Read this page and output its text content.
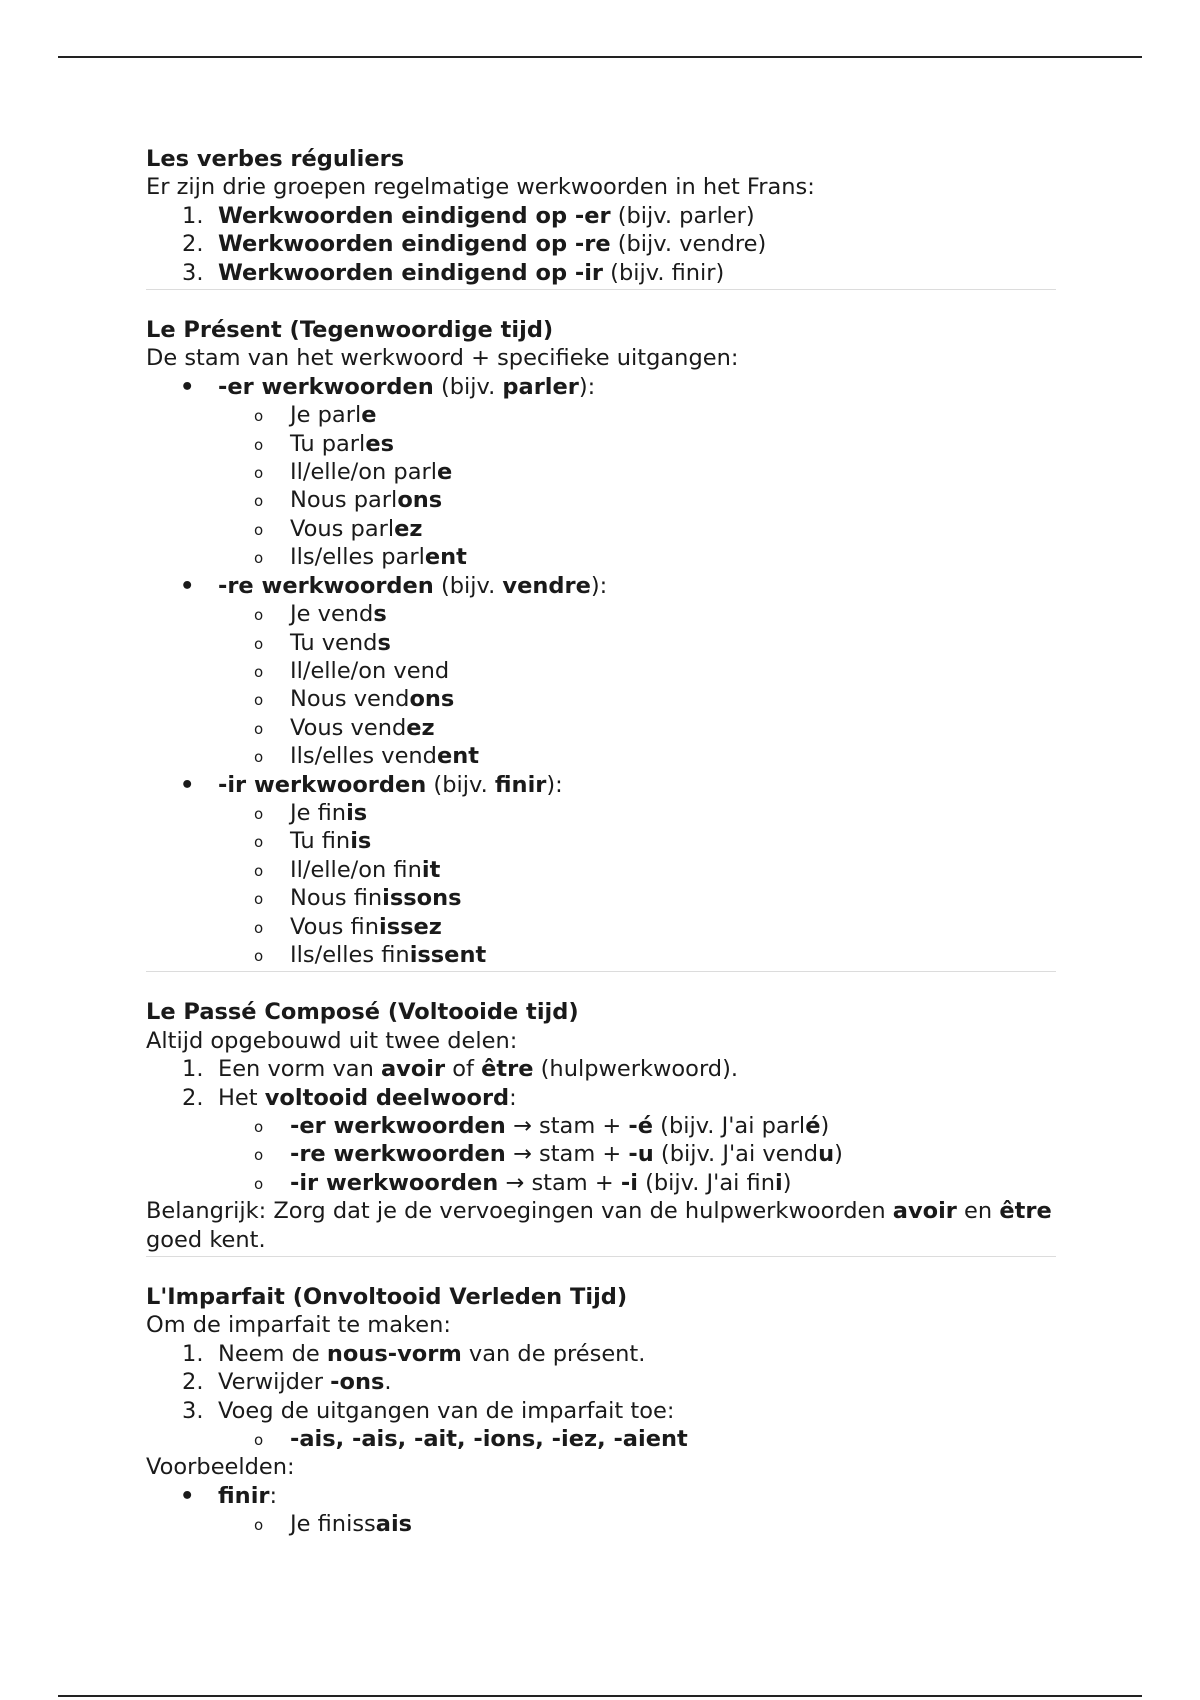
Les verbes réguliers
Er zijn drie groepen regelmatige werkwoorden in het Frans:
1. Werkwoorden eindigend op -er (bijv. parler)
2. Werkwoorden eindigend op -re (bijv. vendre)
3. Werkwoorden eindigend op -ir (bijv. finir)
Le Présent (Tegenwoordige tijd)
De stam van het werkwoord + specifieke uitgangen:
• -er werkwoorden (bijv. parler):
o Je parle
o Tu parles
o Il/elle/on parle
o Nous parlons
o Vous parlez
o Ils/elles parlent
• -re werkwoorden (bijv. vendre):
o Je vends
o Tu vends
o Il/elle/on vend
o Nous vendons
o Vous vendez
o Ils/elles vendent
• -ir werkwoorden (bijv. finir):
o Je finis
o Tu finis
o Il/elle/on finit
o Nous finissons
o Vous finissez
o Ils/elles finissent
Le Passé Composé (Voltooide tijd)
Altijd opgebouwd uit twee delen:
1. Een vorm van avoir of être (hulpwerkwoord).
2. Het voltooid deelwoord:
o -er werkwoorden → stam + -é (bijv. J'ai parlé)
o -re werkwoorden → stam + -u (bijv. J'ai vendu)
o -ir werkwoorden → stam + -i (bijv. J'ai fini)
Belangrijk: Zorg dat je de vervoegingen van de hulpwerkwoorden avoir en être goed kent.
L'Imparfait (Onvoltooid Verleden Tijd)
Om de imparfait te maken:
1. Neem de nous-vorm van de présent.
2. Verwijder -ons.
3. Voeg de uitgangen van de imparfait toe:
o -ais, -ais, -ait, -ions, -iez, -aient
Voorbeelden:
• finir:
o Je finissais
